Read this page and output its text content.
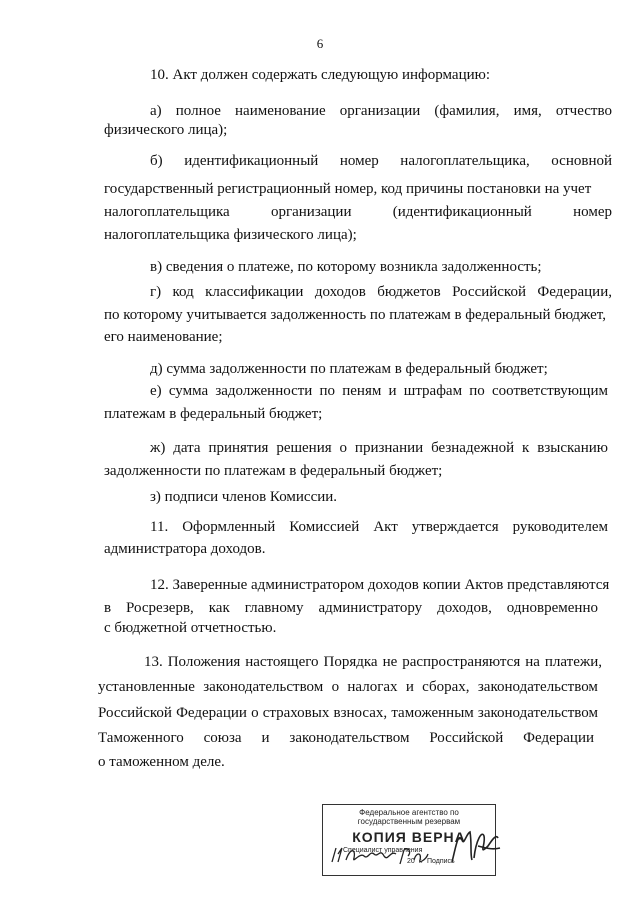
6
10. Акт должен содержать следующую информацию:
а) полное наименование организации (фамилия, имя, отчество
физического лица);
б) идентификационный номер налогоплательщика, основной
государственный регистрационный номер, код причины постановки на учет
налогоплательщика	организации	(идентификационный	номер
налогоплательщика физического лица);
в) сведения о платеже, по которому возникла задолженность;
г) код классификации доходов бюджетов Российской Федерации,
по которому учитывается задолженность по платежам в федеральный бюджет,
его наименование;
д) сумма задолженности по платежам в федеральный бюджет;
е) сумма задолженности по пеням и штрафам по соответствующим
платежам в федеральный бюджет;
ж) дата принятия решения о признании безнадежной к взысканию
задолженности по платежам в федеральный бюджет;
з) подписи членов Комиссии.
11. Оформленный Комиссией Акт утверждается руководителем
администратора доходов.
12. Заверенные администратором доходов копии Актов представляются
в Росрезерв, как главному администратору доходов, одновременно
с бюджетной отчетностью.
13. Положения настоящего Порядка не распространяются на платежи,
установленные законодательством о налогах и сборах, законодательством
Российской Федерации о страховых взносах, таможенным законодательством
Таможенного союза и законодательством Российской Федерации
о таможенном деле.
Федеральное агентство по
государственным резервам
КОПИЯ ВЕРНА
Специалист управления
20 г. Подпись
